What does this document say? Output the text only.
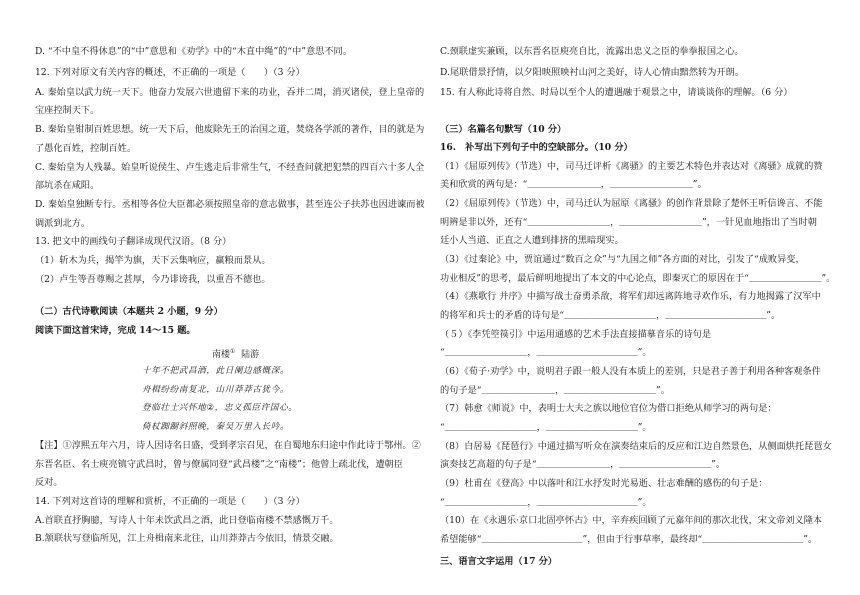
D. “不中皇不得休息”的“中”意思和《劝学》中的“木直中绳”的“中”意思不同。
12. 下列对原文有关内容的概述，不正确的一项是（　　）（3 分）
A. 秦始皇以武力统一天下。他奋力发展六世遗留下来的功业，吞并二周，消灭诸侯，登上皇帝的
宝座控制天下。
B. 秦始皇钳制百姓思想。统一天下后，他废除先王的治国之道，焚烧各学派的著作，目的就是为
了愚化百姓，控制百姓。
C. 秦始皇为人残暴。始皇听说侯生、卢生逃走后非常生气，不经查问就把犯禁的四百六十多人全
部坑杀在咸阳。
D. 秦始皇独断专行。丞相等各位大臣都必须按照皇帝的意志做事，甚至连公子扶苏也因进谏而被
调派到北方。
13. 把文中的画线句子翻译成现代汉语。（8 分）
（1）斩木为兵，揭竿为旗，天下云集响应，赢粮而景从。
（2）卢生等吾尊赐之甚厚，今乃诽谤我，以重吾不德也。
（二）古代诗歌阅读（本题共 2 小题，9 分）
阅读下面这首宋诗，完成 14～15 题。
南楼① 陆游
十年不把武昌酒，此日阑边感慨深。
舟楫纷纷南复北，山川莽莽古犹今。
登临壮士兴怀地②，忠义孤臣许国心。
倚杖踟蹰斜照晚，秦吴万里入长吟。
【注】①淳熙五年六月，诗人因诗名日盛，受到孝宗召见，在自蜀地东归途中作此诗于鄂州。②
东晋名臣、名士庾亮镇守武昌时，曾与僚属同登“武昌楼”之“南楼”；他曾上疏北伐，遭朝臣
反对。
14. 下列对这首诗的理解和赏析，不正确的一项是（　　）（3 分）
A.首联直抒胸臆，写诗人十年未饮武昌之酒，此日登临南楼不禁感慨万千。
B.颔联状写登临所见，江上舟楫南来北往，山川莽莽古今依旧，情景交融。
C.颈联虚实兼顾，以东晋名臣庾亮自比，流露出忠义之臣的拳拳报国之心。
D.尾联借景抒情，以夕阳映照映衬山河之美好，诗人心情由黯然转为开朗。
15. 有人称此诗将自然、时局以至个人的遭遇融于观景之中，请谈谈你的理解。（6 分）
（三）名篇名句默写（10 分）
16.　补写出下列句子中的空缺部分。（10 分）
（1）《屈原列传》（节选）中，司马迁评析《离骚》的主要艺术特色并表达对《离骚》成就的赞
美和欣赏的两句是：“＿＿＿＿＿＿＿＿，＿＿＿＿＿＿＿＿＿”。
（2）《屈原列传》（节选）中，司马迁认为屈原《离骚》的创作背景除了楚怀王听信谗言、不能
明辨是非以外，还有“＿＿＿＿＿＿＿＿＿，＿＿＿＿＿＿＿＿＿”，一针见血地指出了当时朝
廷小人当道、正直之人遭到排挤的黑暗现实。
（3）《过秦论》中，贾谊通过“数百之众”与“九国之师”各方面的对比，引发了“成败异变，
功业相反”的思考，最后鲜明地提出了本文的中心论点，即秦灭亡的原因在于“＿＿＿＿＿＿＿＿”。
（4）《燕歌行 并序》中描写战士奋勇杀敌，将军们却远离阵地寻欢作乐，有力地揭露了汉军中
的将军和兵士的矛盾的诗句是“＿＿＿＿＿＿＿＿＿＿，＿＿＿＿＿＿＿＿＿＿＿”。
（５）《李凭箜篌引》中运用通感的艺术手法直接描摹音乐的诗句是
“＿＿＿＿＿＿＿＿＿，＿＿＿＿＿＿＿＿＿＿＿”。
（6）《荀子·劝学》中，说明君子跟一般人没有本质上的差别，只是君子善于利用各种客观条件
的句子是“＿＿＿＿＿＿＿＿，＿＿＿＿＿＿＿＿＿＿”。
（7）韩愈《师说》中，表明士大夫之族以地位官位为借口拒绝从师学习的两句是：
“＿＿＿＿＿＿＿＿＿＿，＿＿＿＿＿＿＿＿＿＿”。
（8）白居易《琵琶行》中通过描写听众在演奏结束后的反应和江边自然景色，从侧面烘托琵琶女
演奏技艺高超的句子是“＿＿＿＿＿＿＿＿，＿＿＿＿＿＿＿＿＿＿”。
（9）杜甫在《登高》中以落叶和江水抒发时光易逝、壮志难酬的感伤的句子是：
“＿＿＿＿＿＿＿＿＿，＿＿＿＿＿＿＿＿＿＿＿”。
（10）在《永遇乐·京口北固亭怀古》中，辛弃疾回顾了元嘉年间的那次北伐，宋文帝刘义隆本
希望能够“＿＿＿＿＿＿＿＿＿＿＿”，但由于行事草率，最终却“＿＿＿＿＿＿＿＿＿＿＿”。
三、语言文字运用（17 分）
